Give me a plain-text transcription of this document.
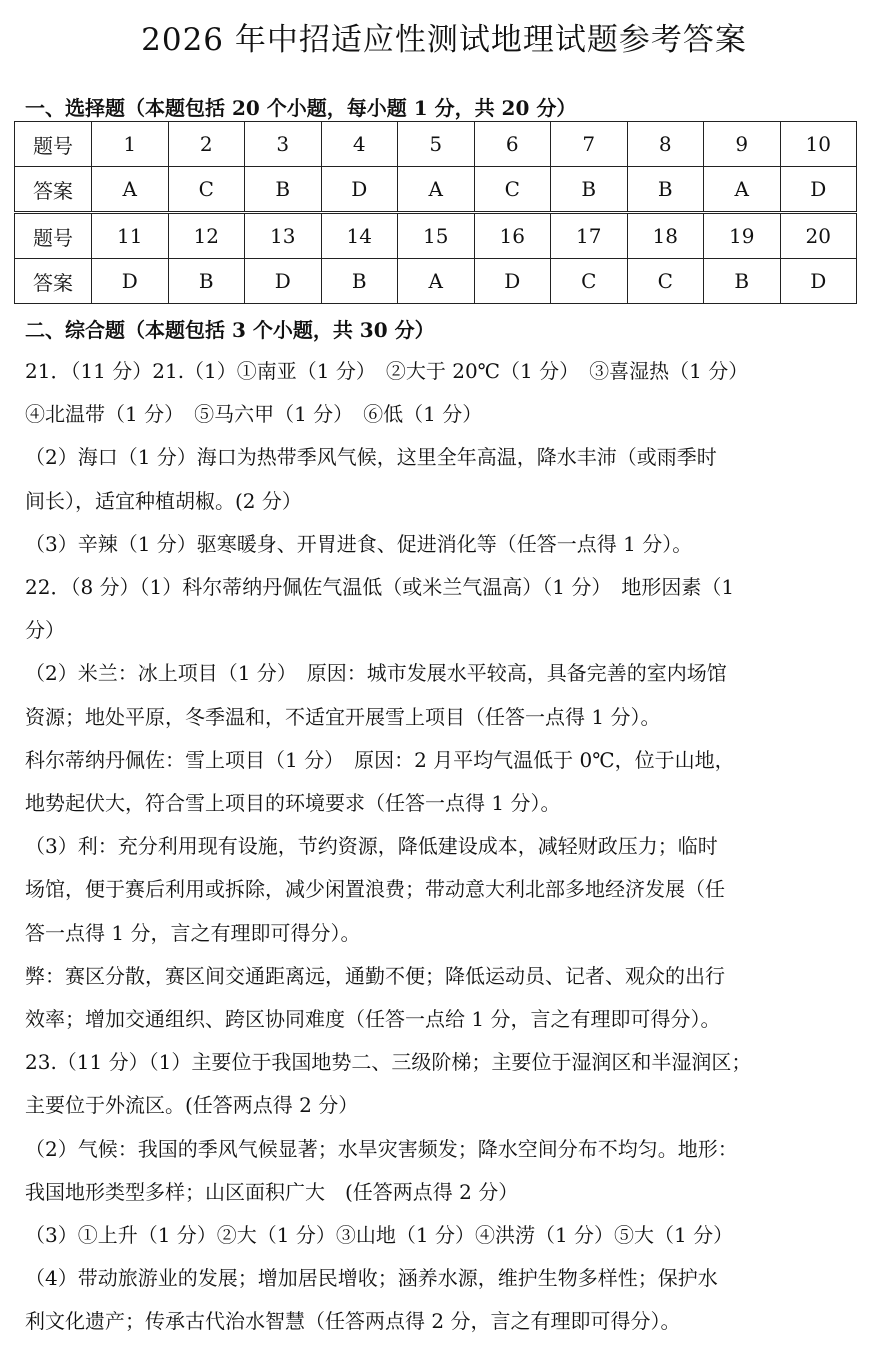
2026 年中招适应性测试地理试题参考答案
一、选择题（本题包括 20 个小题，每小题 1 分，共 20 分）
题号	1	2	3	4	5	6	7	8	9	10
答案	A	C	B	D	A	C	B	B	A	D
题号	11	12	13	14	15	16	17	18	19	20
答案	D	B	D	B	A	D	C	C	B	D
二、综合题（本题包括 3 个小题，共 30 分）

21．（11 分）21.（1）①南亚（1 分）　②大于 20℃（1 分）　③喜湿热（1 分）

④北温带（1 分）　⑤马六甲（1 分）　⑥低（1 分）

（2）海口（1 分）海口为热带季风气候，这里全年高温，降水丰沛（或雨季时

间长），适宜种植胡椒。(2 分）

（3）辛辣（1 分）驱寒暖身、开胃进食、促进消化等（任答一点得 1 分）。

22．（8 分）（1）科尔蒂纳丹佩佐气温低（或米兰气温高）（1 分）　地形因素（1

分）

（2）米兰：冰上项目（1 分）　原因：城市发展水平较高，具备完善的室内场馆

资源；地处平原，冬季温和，不适宜开展雪上项目（任答一点得 1 分）。

科尔蒂纳丹佩佐：雪上项目（1 分）　原因：2 月平均气温低于 0℃，位于山地，

地势起伏大，符合雪上项目的环境要求（任答一点得 1 分）。

（3）利：充分利用现有设施，节约资源，降低建设成本，减轻财政压力；临时

场馆，便于赛后利用或拆除，减少闲置浪费；带动意大利北部多地经济发展（任

答一点得 1 分，言之有理即可得分）。

弊：赛区分散，赛区间交通距离远，通勤不便；降低运动员、记者、观众的出行

效率；增加交通组织、跨区协同难度（任答一点给 1 分，言之有理即可得分）。

23.（11 分）（1）主要位于我国地势二、三级阶梯；主要位于湿润区和半湿润区；

主要位于外流区。(任答两点得 2 分）

（2）气候：我国的季风气候显著；水旱灾害频发；降水空间分布不均匀。地形：

我国地形类型多样；山区面积广大　(任答两点得 2 分）

（3）①上升（1 分）②大（1 分）③山地（1 分）④洪涝（1 分）⑤大（1 分）

（4）带动旅游业的发展；增加居民增收；涵养水源，维护生物多样性；保护水

利文化遗产；传承古代治水智慧（任答两点得 2 分，言之有理即可得分）。
